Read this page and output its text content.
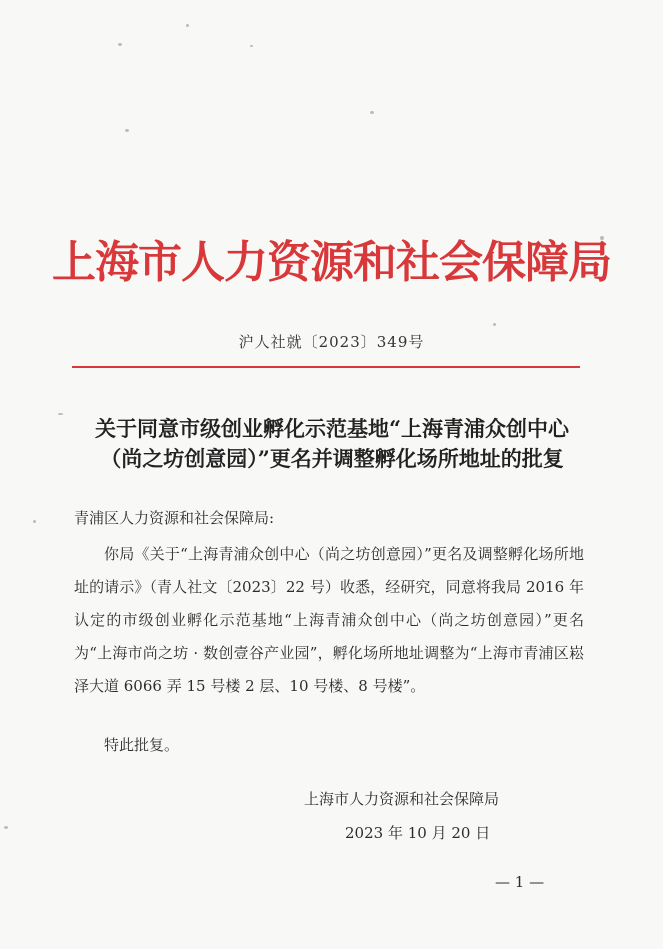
上海市人力资源和社会保障局
沪人社就〔2023〕349号
关于同意市级创业孵化示范基地“上海青浦众创中心
（尚之坊创意园）”更名并调整孵化场所地址的批复
青浦区人力资源和社会保障局:
你局《关于“上海青浦众创中心（尚之坊创意园）”更名及调整孵化场所地址的请示》（青人社文〔2023〕22 号）收悉，经研究，同意将我局 2016 年认定的市级创业孵化示范基地“上海青浦众创中心（尚之坊创意园）”更名为“上海市尚之坊 · 数创壹谷产业园”，孵化场所地址调整为“上海市青浦区崧泽大道 6066 弄 15 号楼 2 层、10 号楼、8 号楼”。
特此批复。
上海市人力资源和社会保障局
2023 年 10 月 20 日
— 1 —
